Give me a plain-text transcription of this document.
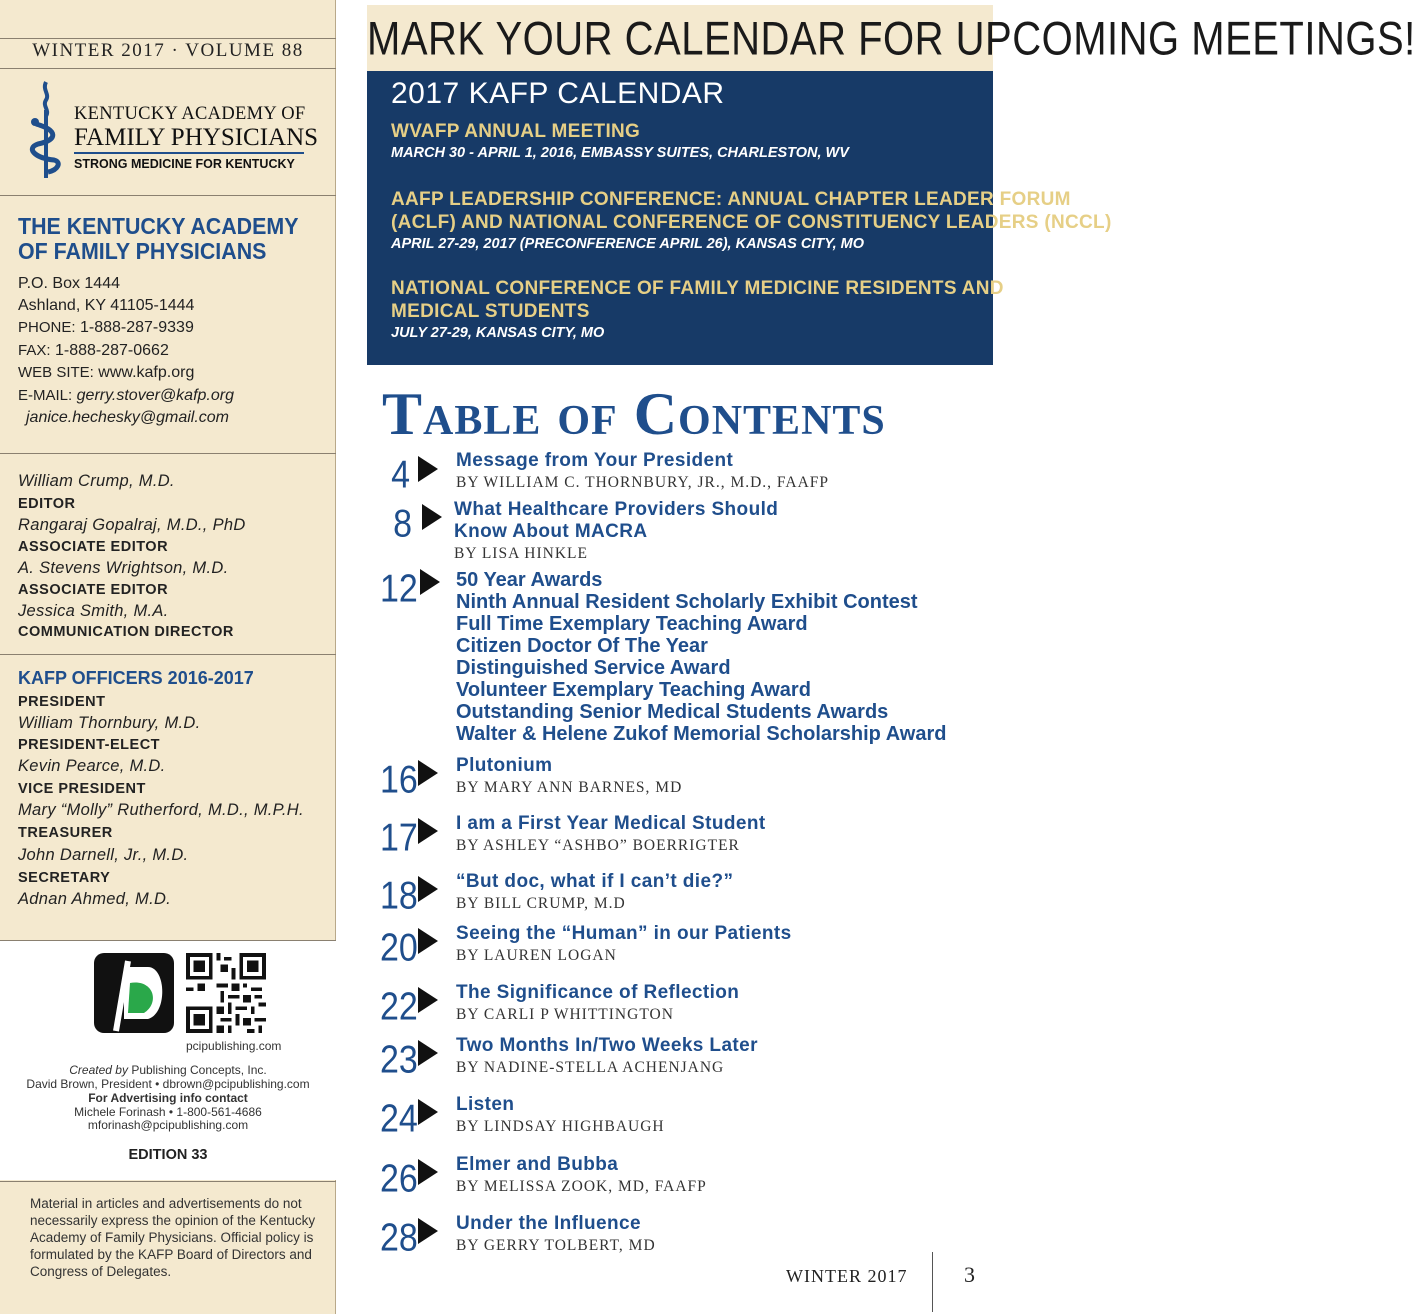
WINTER 2017 · VOLUME 88
KENTUCKY ACADEMY OF
FAMILY PHYSICIANS
STRONG MEDICINE FOR KENTUCKY
THE KENTUCKY ACADEMY
OF FAMILY PHYSICIANS
P.O. Box 1444
Ashland, KY 41105-1444
PHONE: 1-888-287-9339
FAX: 1-888-287-0662
WEB SITE: www.kafp.org
E-MAIL: gerry.stover@kafp.org
janice.hechesky@gmail.com
William Crump, M.D.
EDITOR
Rangaraj Gopalraj, M.D., PhD
ASSOCIATE EDITOR
A. Stevens Wrightson, M.D.
ASSOCIATE EDITOR
Jessica Smith, M.A.
COMMUNICATION DIRECTOR
KAFP OFFICERS 2016-2017
PRESIDENT
William Thornbury, M.D.
PRESIDENT-ELECT
Kevin Pearce, M.D.
VICE PRESIDENT
Mary “Molly” Rutherford, M.D., M.P.H.
TREASURER
John Darnell, Jr., M.D.
SECRETARY
Adnan Ahmed, M.D.
pcipublishing.com
Created by Publishing Concepts, Inc.
David Brown, President • dbrown@pcipublishing.com
For Advertising info contact
Michele Forinash • 1-800-561-4686
mforinash@pcipublishing.com
EDITION 33
Material in articles and advertisements do not necessarily express the opinion of the Kentucky Academy of Family Physicians. Official policy is formulated by the KAFP Board of Directors and Congress of Delegates.
MARK YOUR CALENDAR FOR UPCOMING MEETINGS!
2017 KAFP CALENDAR
WVAFP ANNUAL MEETING
MARCH 30 - APRIL 1, 2016, EMBASSY SUITES, CHARLESTON, WV
AAFP LEADERSHIP CONFERENCE: ANNUAL CHAPTER LEADER FORUM
(ACLF) AND NATIONAL CONFERENCE OF CONSTITUENCY LEADERS (NCCL)
APRIL 27-29, 2017 (PRECONFERENCE APRIL 26), KANSAS CITY, MO
NATIONAL CONFERENCE OF FAMILY MEDICINE RESIDENTS AND
MEDICAL STUDENTS
JULY 27-29, KANSAS CITY, MO
Table of Contents
4 Message from Your President
BY WILLIAM C. THORNBURY, JR., M.D., FAAFP
8 What Healthcare Providers Should
Know About MACRA
BY LISA HINKLE
12 50 Year Awards
Ninth Annual Resident Scholarly Exhibit Contest
Full Time Exemplary Teaching Award
Citizen Doctor Of The Year
Distinguished Service Award
Volunteer Exemplary Teaching Award
Outstanding Senior Medical Students Awards
Walter & Helene Zukof Memorial Scholarship Award
16 Plutonium
BY MARY ANN BARNES, MD
17 I am a First Year Medical Student
BY ASHLEY “ASHBO” BOERRIGTER
18 “But doc, what if I can’t die?”
BY BILL CRUMP, M.D
20 Seeing the “Human” in our Patients
BY LAUREN LOGAN
22 The Significance of Reflection
BY CARLI P WHITTINGTON
23 Two Months In/Two Weeks Later
BY NADINE-STELLA ACHENJANG
24 Listen
BY LINDSAY HIGHBAUGH
26 Elmer and Bubba
BY MELISSA ZOOK, MD, FAAFP
28 Under the Influence
BY GERRY TOLBERT, MD
WINTER 2017	3
